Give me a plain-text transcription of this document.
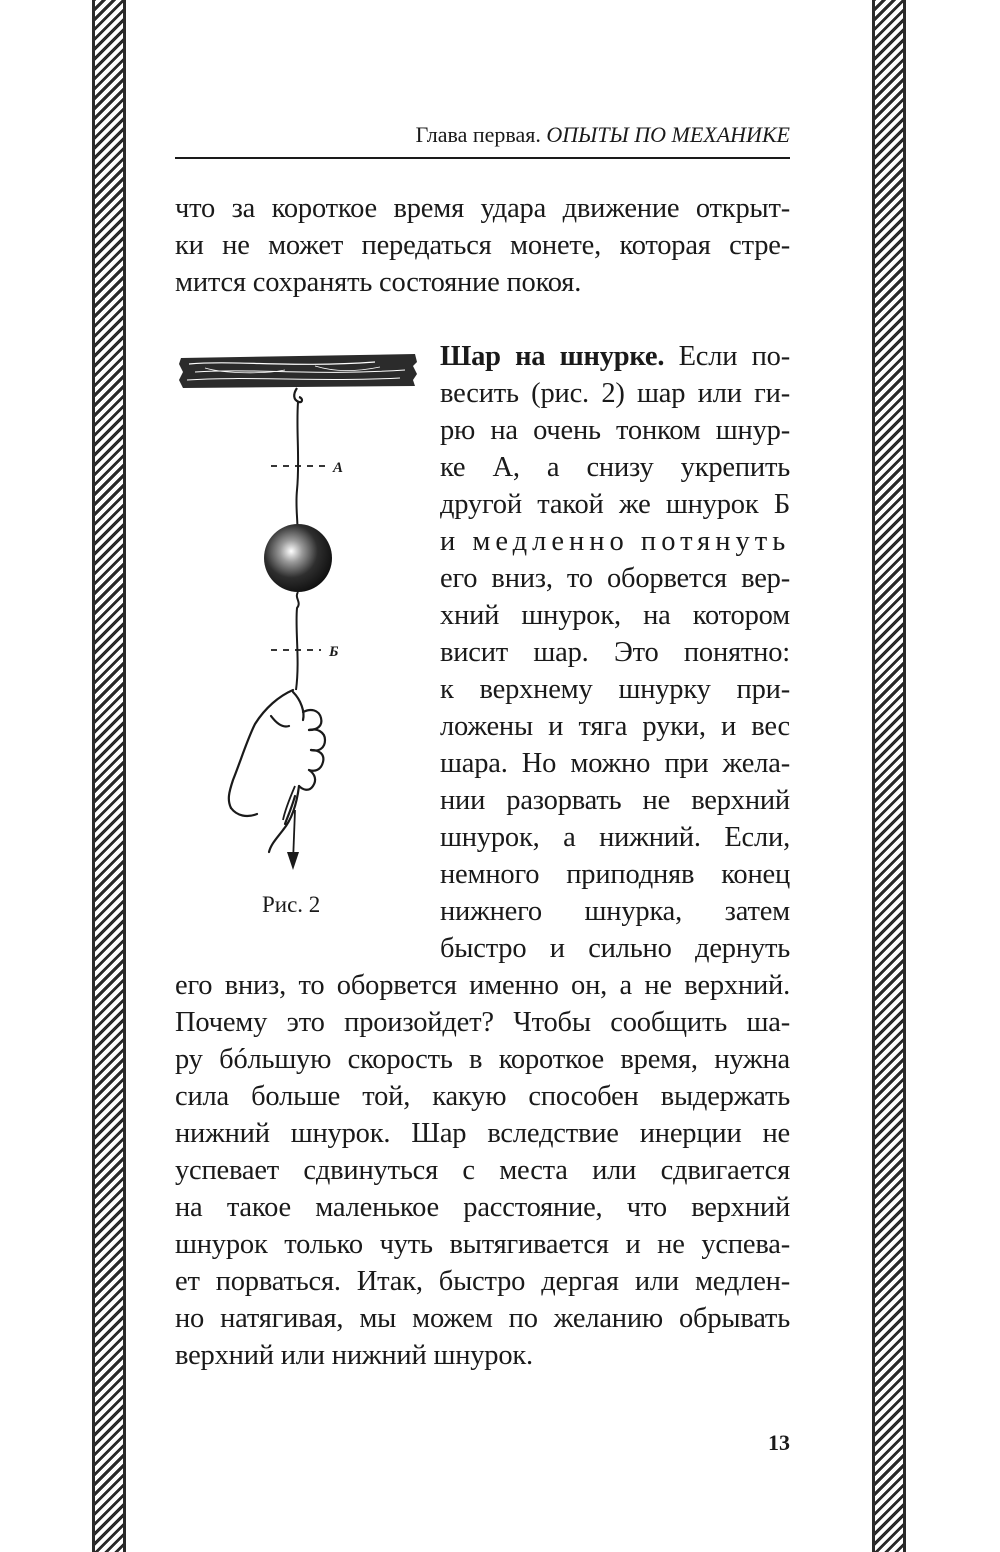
Глава первая. ОПЫТЫ ПО МЕХАНИКЕ
что за короткое время удара движение открыт-
ки не может передаться монете, которая стре-
мится сохранять состояние покоя.
А
Б
Рис. 2
Шар на шнурке. Если по-
весить (рис. 2) шар или ги-
рю на очень тонком шнур-
ке А, а снизу укрепить
другой такой же шнурок Б
и медленно потянуть
его вниз, то оборвется вер-
хний шнурок, на котором
висит шар. Это понятно:
к верхнему шнурку при-
ложены и тяга руки, и вес
шара. Но можно при жела-
нии разорвать не верхний
шнурок, а нижний. Если,
немного приподняв конец
нижнего шнурка, затем
быстро и сильно дернуть
его вниз, то оборвется именно он, а не верхний.
Почему это произойдет? Чтобы сообщить ша-
ру бóльшую скорость в короткое время, нужна
сила больше той, какую способен выдержать
нижний шнурок. Шар вследствие инерции не
успевает сдвинуться с места или сдвигается
на такое маленькое расстояние, что верхний
шнурок только чуть вытягивается и не успева-
ет порваться. Итак, быстро дергая или медлен-
но натягивая, мы можем по желанию обрывать
верхний или нижний шнурок.
13
